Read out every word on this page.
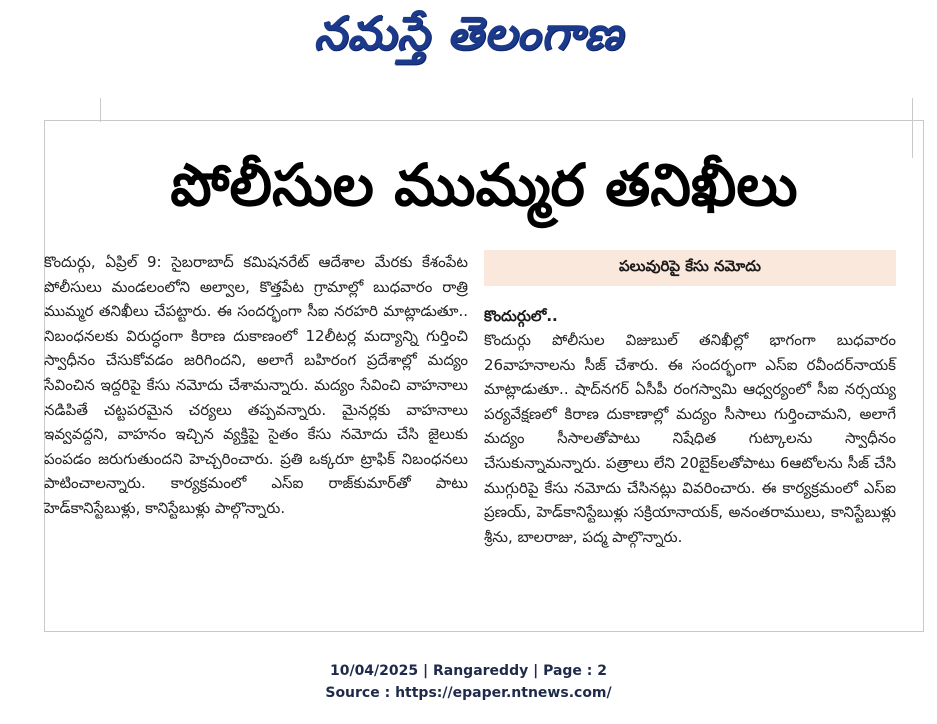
నమస్తే తెలంగాణ
పోలీసుల ముమ్మర తనిఖీలు

కొందుర్గు, ఏప్రిల్ 9: సైబరాబాద్ కమిషనరేట్ ఆదేశాల మేరకు కేశంపేట పోలీసులు మండలంలోని అల్వాల, కొత్తపేట గ్రామాల్లో బుధవారం రాత్రి ముమ్మర తనిఖీలు చేపట్టారు. ఈ సందర్భంగా సీఐ నరహరి మాట్లాడుతూ.. నిబంధనలకు విరుద్ధంగా కిరాణ దుకాణంలో 12లీటర్ల మద్యాన్ని గుర్తించి స్వాధీనం చేసుకోవడం జరిగిందని, అలాగే బహిరంగ ప్రదేశాల్లో మద్యం సేవించిన ఇద్దరిపై కేసు నమోదు చేశామన్నారు. మద్యం సేవించి వాహనాలు నడిపితే చట్టపరమైన చర్యలు తప్పవన్నారు. మైనర్లకు వాహనాలు ఇవ్వవద్దని, వాహనం ఇచ్చిన వ్యక్తిపై సైతం కేసు నమోదు చేసి జైలుకు పంపడం జరుగుతుందని హెచ్చరించారు. ప్రతి ఒక్కరూ ట్రాఫిక్ నిబంధనలు పాటించాలన్నారు. కార్యక్రమంలో ఎస్ఐ రాజ్‌కుమార్‌తో పాటు హెడ్‌కానిస్టేబుళ్లు, కానిస్టేబుళ్లు పాల్గొన్నారు.

పలువురిపై కేసు నమోదు
కొందుర్గులో..

కొందుర్గు పోలీసుల విజుబుల్ తనిఖీల్లో భాగంగా బుధవారం 26వాహనాలను సీజ్ చేశారు. ఈ సందర్భంగా ఎస్ఐ రవీందర్‌నాయక్ మాట్లాడుతూ.. షాద్‌నగర్ ఏసీపీ రంగస్వామి ఆధ్వర్యంలో సీఐ నర్సయ్య పర్యవేక్షణలో కిరాణ దుకాణాల్లో మద్యం సీసాలు గుర్తించామని, అలాగే మద్యం సీసాలతోపాటు నిషేధిత గుట్కాలను స్వాధీనం చేసుకున్నామన్నారు. పత్రాలు లేని 20బైక్‌లతోపాటు 6ఆటోలను సీజ్ చేసి ముగ్గురిపై కేసు నమోదు చేసినట్లు వివరించారు. ఈ కార్యక్రమంలో ఎస్ఐ ప్రణయ్, హెడ్‌కానిస్టేబుళ్లు సక్రియానాయక్, అనంతరాములు, కానిస్టేబుళ్లు శ్రీను, బాలరాజు, పద్మ పాల్గొన్నారు.

10/04/2025 | Rangareddy | Page : 2
Source : https://epaper.ntnews.com/
